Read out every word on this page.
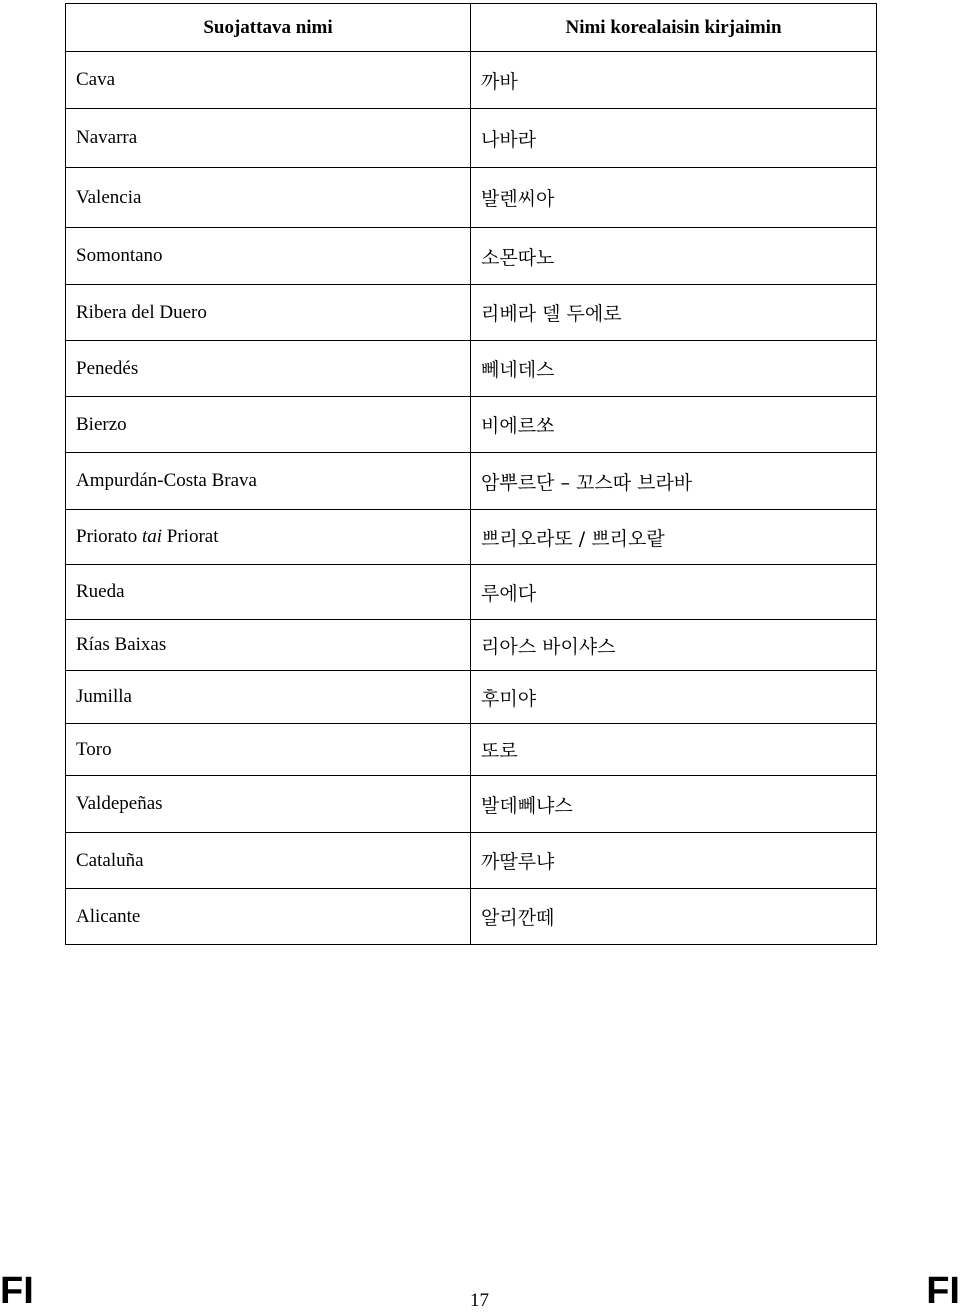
Suojattava nimi	Nimi korealaisin kirjaimin
Cava	까바
Navarra	나바라
Valencia	발렌씨아
Somontano	소몬따노
Ribera del Duero	리베라 델 두에로
Penedés	뻬네데스
Bierzo	비에르쏘
Ampurdán-Costa Brava	암뿌르단 – 꼬스따 브라바
Priorato tai Priorat	쁘리오라또 / 쁘리오랕
Rueda	루에다
Rías Baixas	리아스 바이샤스
Jumilla	후미야
Toro	또로
Valdepeñas	발데뻬냐스
Cataluña	까딸루냐
Alicante	알리깐떼
FI	17	FI
